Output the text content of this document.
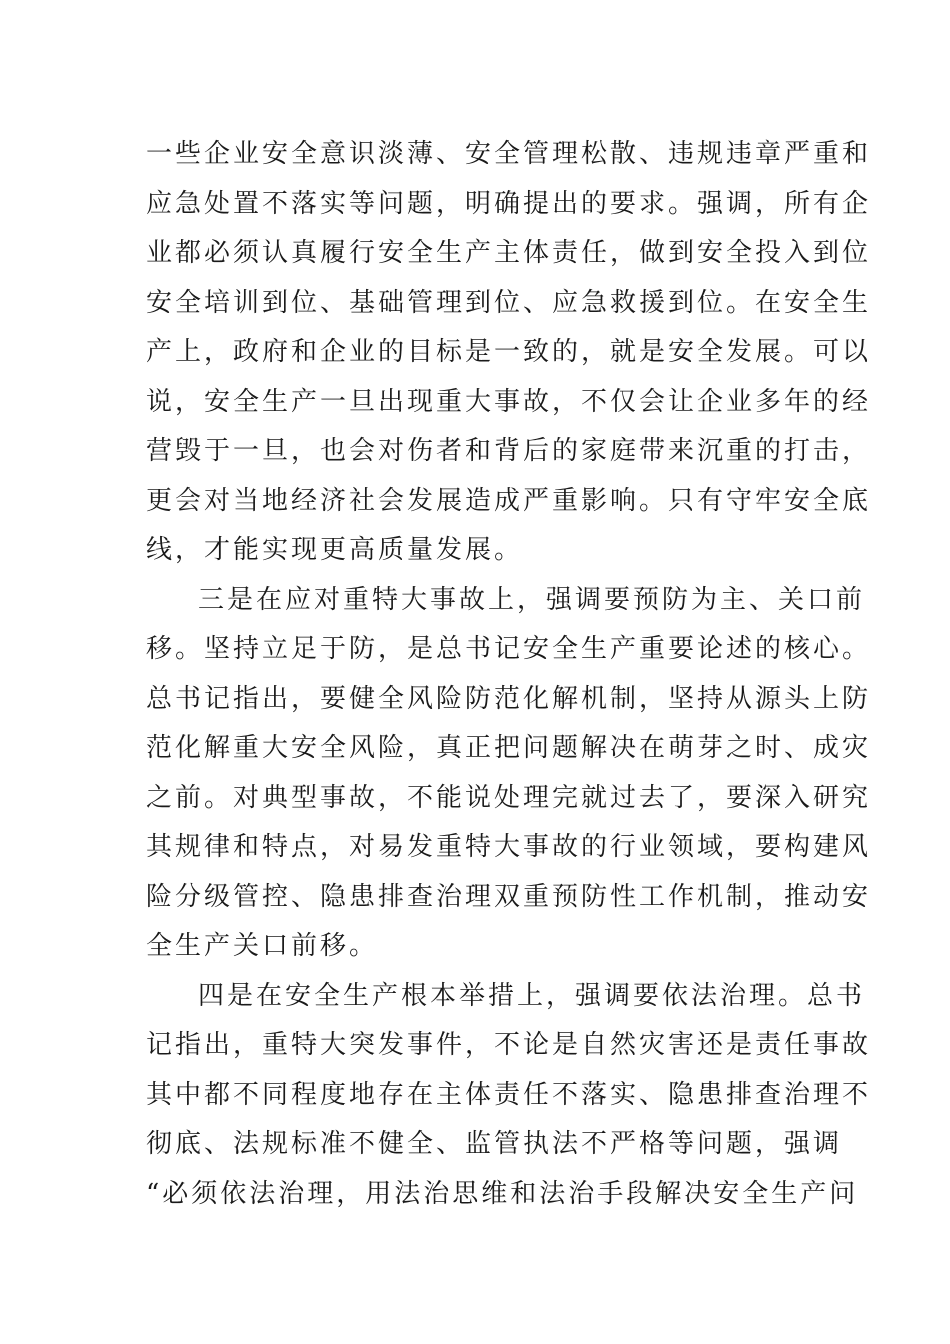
一些企业安全意识淡薄、安全管理松散、违规违章严重和
应急处置不落实等问题，明确提出的要求。强调，所有企
业都必须认真履行安全生产主体责任，做到安全投入到位
安全培训到位、基础管理到位、应急救援到位。在安全生
产上，政府和企业的目标是一致的，就是安全发展。可以
说，安全生产一旦出现重大事故，不仅会让企业多年的经
营毁于一旦，也会对伤者和背后的家庭带来沉重的打击，
更会对当地经济社会发展造成严重影响。只有守牢安全底
线，才能实现更高质量发展。
三是在应对重特大事故上，强调要预防为主、关口前
移。坚持立足于防，是总书记安全生产重要论述的核心。
总书记指出，要健全风险防范化解机制，坚持从源头上防
范化解重大安全风险，真正把问题解决在萌芽之时、成灾
之前。对典型事故，不能说处理完就过去了，要深入研究
其规律和特点，对易发重特大事故的行业领域，要构建风
险分级管控、隐患排查治理双重预防性工作机制，推动安
全生产关口前移。
四是在安全生产根本举措上，强调要依法治理。总书
记指出，重特大突发事件，不论是自然灾害还是责任事故
其中都不同程度地存在主体责任不落实、隐患排查治理不
彻底、法规标准不健全、监管执法不严格等问题，强调
“必须依法治理，用法治思维和法治手段解决安全生产问
